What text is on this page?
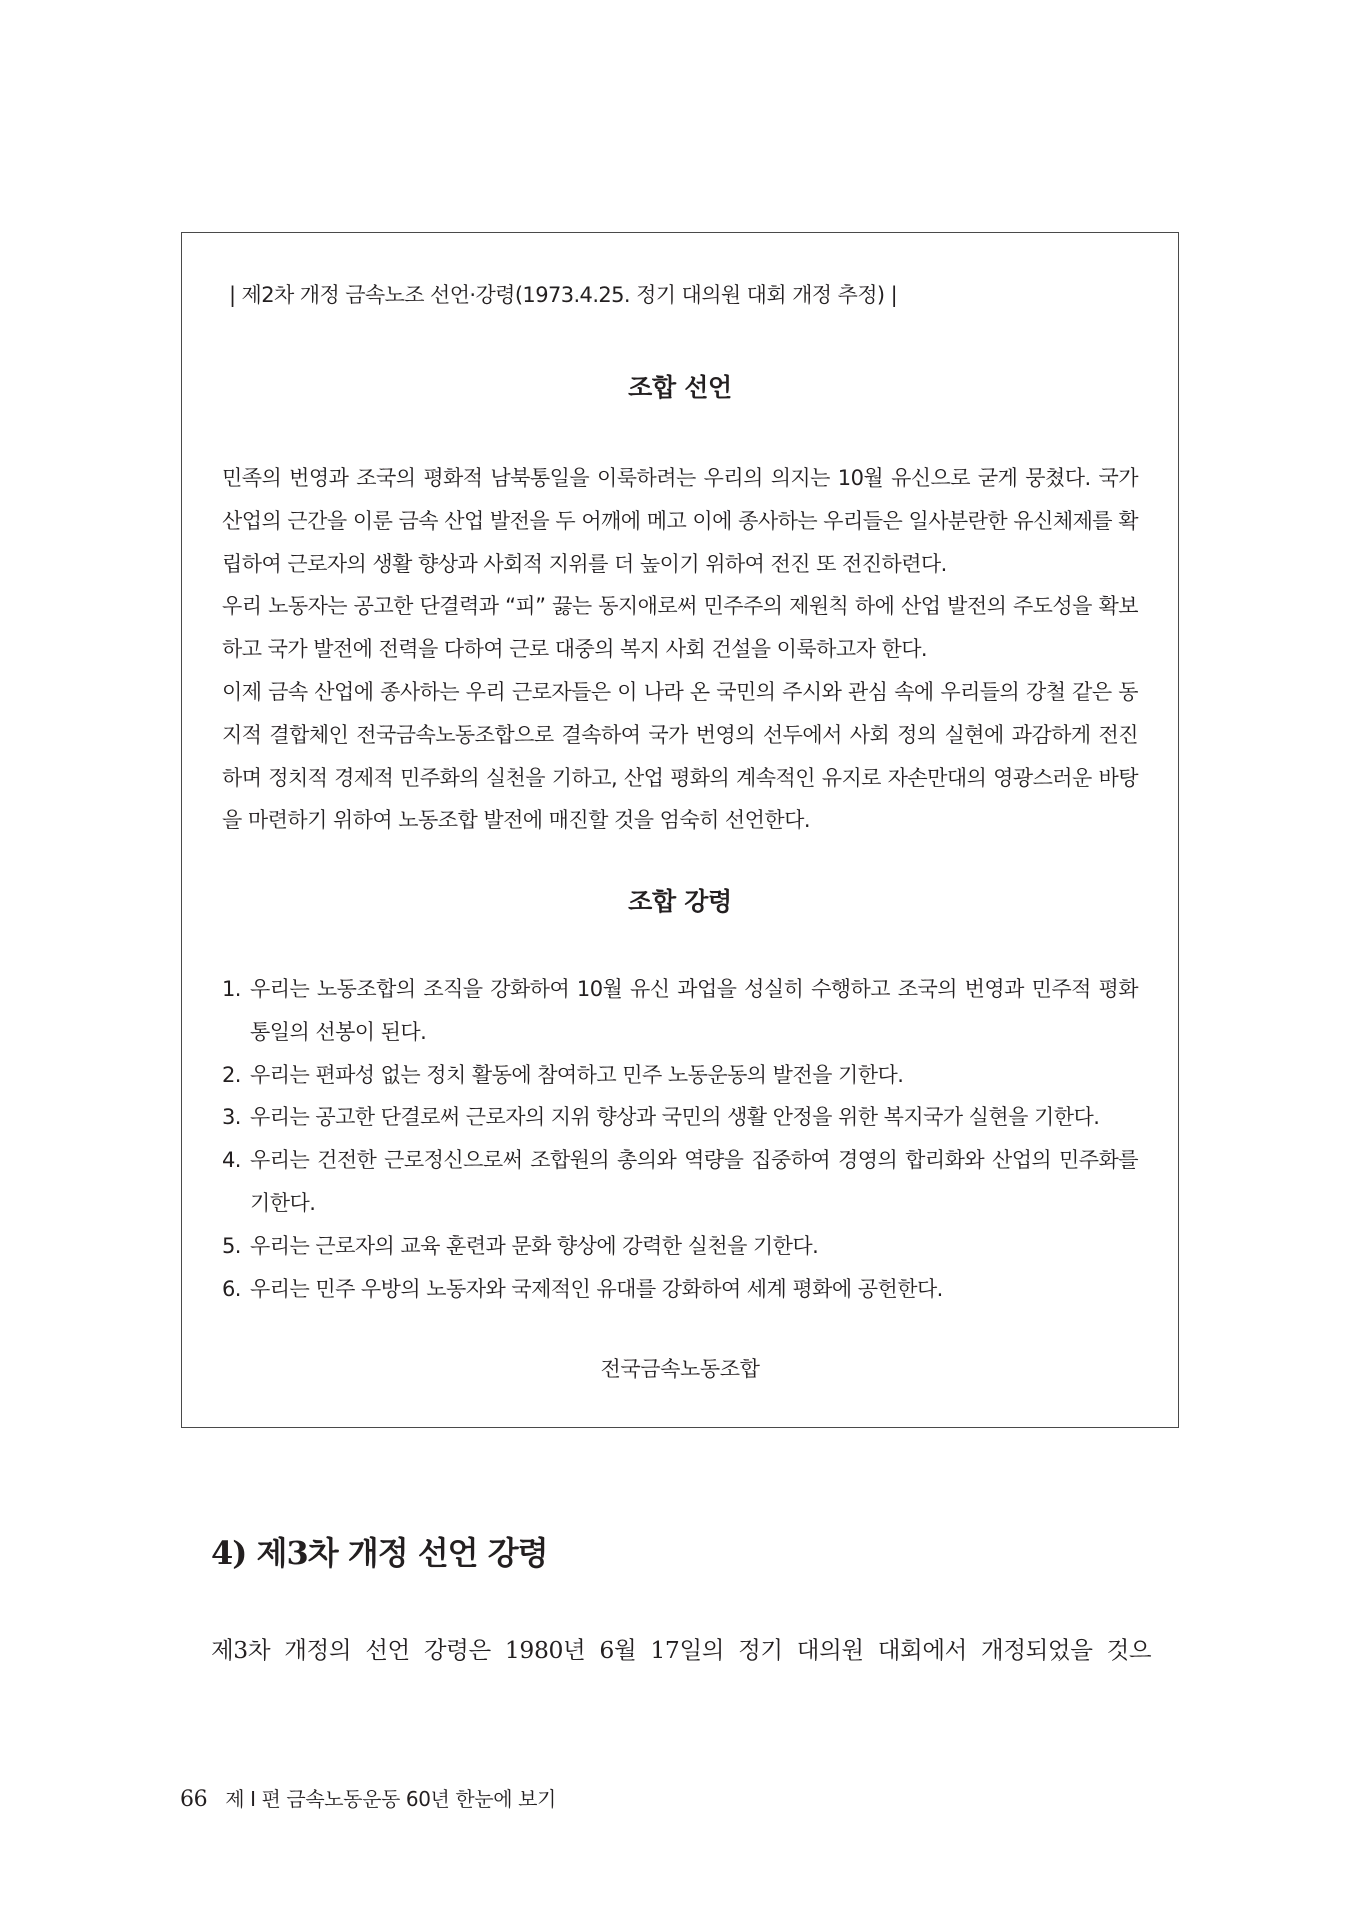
| 제2차 개정 금속노조 선언·강령(1973.4.25. 정기 대의원 대회 개정 추정) |
조합 선언

민족의 번영과 조국의 평화적 남북통일을 이룩하려는 우리의 의지는 10월 유신으로 굳게 뭉쳤다. 국가 산업의 근간을 이룬 금속 산업 발전을 두 어깨에 메고 이에 종사하는 우리들은 일사분란한 유신체제를 확립하여 근로자의 생활 향상과 사회적 지위를 더 높이기 위하여 전진 또 전진하련다.

우리 노동자는 공고한 단결력과 “피” 끓는 동지애로써 민주주의 제원칙 하에 산업 발전의 주도성을 확보하고 국가 발전에 전력을 다하여 근로 대중의 복지 사회 건설을 이룩하고자 한다.

이제 금속 산업에 종사하는 우리 근로자들은 이 나라 온 국민의 주시와 관심 속에 우리들의 강철 같은 동지적 결합체인 전국금속노동조합으로 결속하여 국가 번영의 선두에서 사회 정의 실현에 과감하게 전진하며 정치적 경제적 민주화의 실천을 기하고, 산업 평화의 계속적인 유지로 자손만대의 영광스러운 바탕을 마련하기 위하여 노동조합 발전에 매진할 것을 엄숙히 선언한다.

조합 강령
1. 우리는 노동조합의 조직을 강화하여 10월 유신 과업을 성실히 수행하고 조국의 번영과 민주적 평화 통일의 선봉이 된다.
2. 우리는 편파성 없는 정치 활동에 참여하고 민주 노동운동의 발전을 기한다.
3. 우리는 공고한 단결로써 근로자의 지위 향상과 국민의 생활 안정을 위한 복지국가 실현을 기한다.
4. 우리는 건전한 근로정신으로써 조합원의 총의와 역량을 집중하여 경영의 합리화와 산업의 민주화를 기한다.
5. 우리는 근로자의 교육 훈련과 문화 향상에 강력한 실천을 기한다.
6. 우리는 민주 우방의 노동자와 국제적인 유대를 강화하여 세계 평화에 공헌한다.
전국금속노동조합
4) 제3차 개정 선언 강령
제3차 개정의 선언 강령은 1980년 6월 17일의 정기 대의원 대회에서 개정되었을 것으
66 제 I 편 금속노동운동 60년 한눈에 보기
